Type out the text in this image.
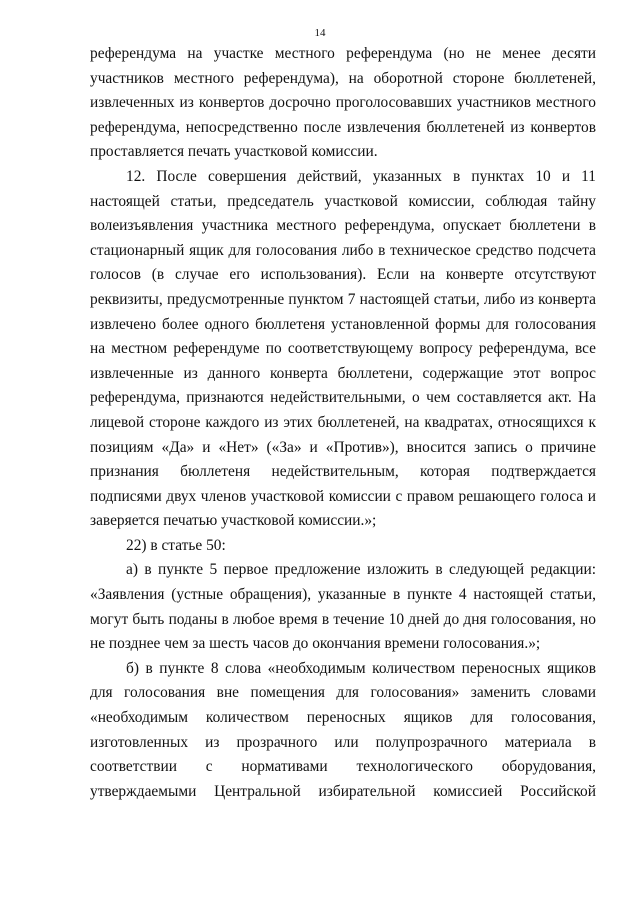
14

референдума на участке местного референдума (но не менее десяти участников местного референдума), на оборотной стороне бюллетеней, извлеченных из конвертов досрочно проголосовавших участников местного референдума, непосредственно после извлечения бюллетеней из конвертов проставляется печать участковой комиссии.

12. После совершения действий, указанных в пунктах 10 и 11 настоящей статьи, председатель участковой комиссии, соблюдая тайну волеизъявления участника местного референдума, опускает бюллетени в стационарный ящик для голосования либо в техническое средство подсчета голосов (в случае его использования). Если на конверте отсутствуют реквизиты, предусмотренные пунктом 7 настоящей статьи, либо из конверта извлечено более одного бюллетеня установленной формы для голосования на местном референдуме по соответствующему вопросу референдума, все извлеченные из данного конверта бюллетени, содержащие этот вопрос референдума, признаются недействительными, о чем составляется акт. На лицевой стороне каждого из этих бюллетеней, на квадратах, относящихся к позициям «Да» и «Нет» («За» и «Против»), вносится запись о причине признания бюллетеня недействительным, которая подтверждается подписями двух членов участковой комиссии с правом решающего голоса и заверяется печатью участковой комиссии.»;

22) в статье 50:

а) в пункте 5 первое предложение изложить в следующей редакции: «Заявления (устные обращения), указанные в пункте 4 настоящей статьи, могут быть поданы в любое время в течение 10 дней до дня голосования, но не позднее чем за шесть часов до окончания времени голосования.»;

б) в пункте 8 слова «необходимым количеством переносных ящиков для голосования вне помещения для голосования» заменить словами «необходимым количеством переносных ящиков для голосования, изготовленных из прозрачного или полупрозрачного материала в соответствии с нормативами технологического оборудования, утверждаемыми Центральной избирательной комиссией Российской
